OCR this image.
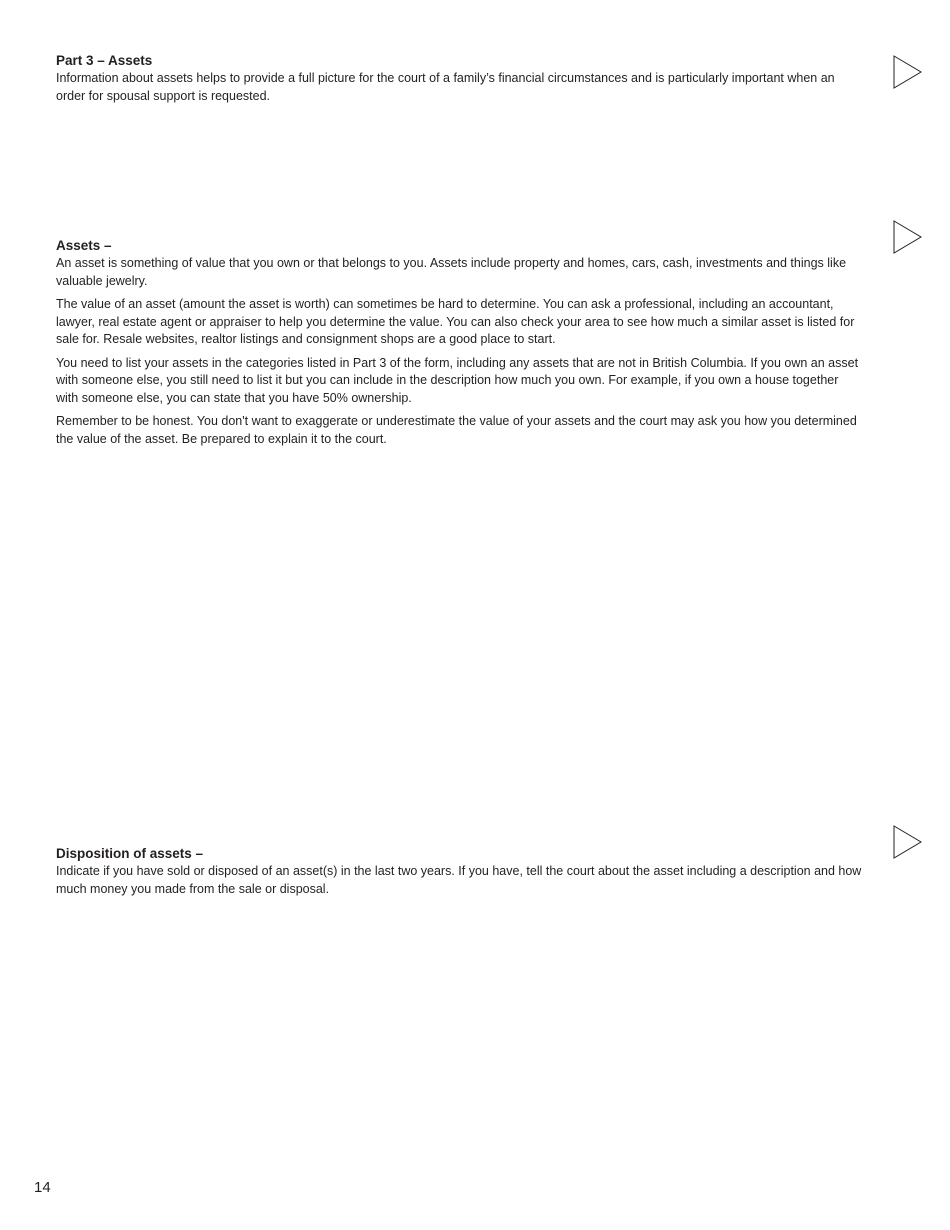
Part 3 – Assets

Information about assets helps to provide a full picture for the court of a family’s financial circumstances and is particularly important when an order for spousal support is requested.

Assets –

An asset is something of value that you own or that belongs to you. Assets include property and homes, cars, cash, investments and things like valuable jewelry.

The value of an asset (amount the asset is worth) can sometimes be hard to determine. You can ask a professional, including an accountant, lawyer, real estate agent or appraiser to help you determine the value. You can also check your area to see how much a similar asset is listed for sale for. Resale websites, realtor listings and consignment shops are a good place to start.

You need to list your assets in the categories listed in Part 3 of the form, including any assets that are not in British Columbia. If you own an asset with someone else, you still need to list it but you can include in the description how much you own. For example, if you own a house together with someone else, you can state that you have 50% ownership.

Remember to be honest. You don't want to exaggerate or underestimate the value of your assets and the court may ask you how you determined the value of the asset. Be prepared to explain it to the court.

Disposition of assets –

Indicate if you have sold or disposed of an asset(s) in the last two years. If you have, tell the court about the asset including a description and how much money you made from the sale or disposal.

14
